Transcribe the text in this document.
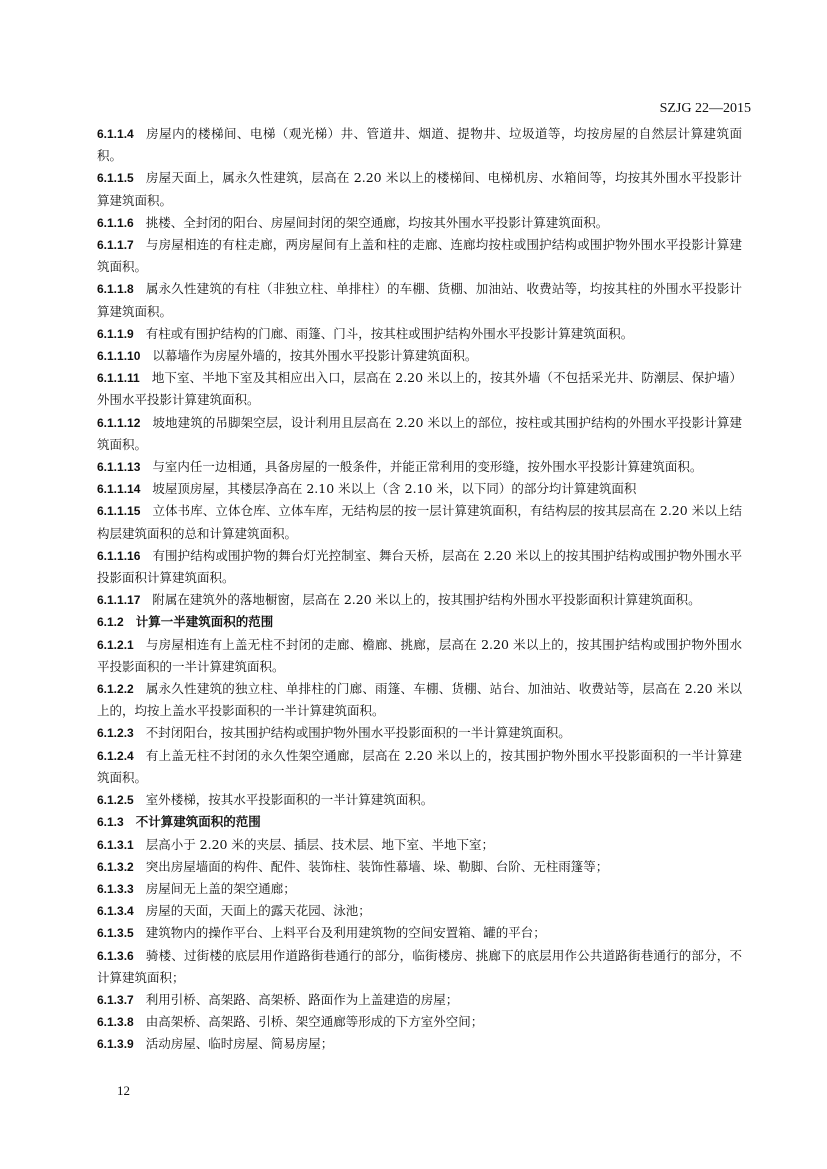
SZJG 22—2015

6.1.1.4 房屋内的楼梯间、电梯（观光梯）井、管道井、烟道、提物井、垃圾道等，均按房屋的自然层计算建筑面积。

6.1.1.5 房屋天面上，属永久性建筑，层高在 2.20 米以上的楼梯间、电梯机房、水箱间等，均按其外围水平投影计算建筑面积。

6.1.1.6 挑楼、全封闭的阳台、房屋间封闭的架空通廊，均按其外围水平投影计算建筑面积。

6.1.1.7 与房屋相连的有柱走廊，两房屋间有上盖和柱的走廊、连廊均按柱或围护结构或围护物外围水平投影计算建筑面积。

6.1.1.8 属永久性建筑的有柱（非独立柱、单排柱）的车棚、货棚、加油站、收费站等，均按其柱的外围水平投影计算建筑面积。

6.1.1.9 有柱或有围护结构的门廊、雨篷、门斗，按其柱或围护结构外围水平投影计算建筑面积。

6.1.1.10 以幕墙作为房屋外墙的，按其外围水平投影计算建筑面积。

6.1.1.11 地下室、半地下室及其相应出入口，层高在 2.20 米以上的，按其外墙（不包括采光井、防潮层、保护墙）外围水平投影计算建筑面积。

6.1.1.12 坡地建筑的吊脚架空层，设计利用且层高在 2.20 米以上的部位，按柱或其围护结构的外围水平投影计算建筑面积。

6.1.1.13 与室内任一边相通，具备房屋的一般条件，并能正常利用的变形缝，按外围水平投影计算建筑面积。

6.1.1.14 坡屋顶房屋，其楼层净高在 2.10 米以上（含 2.10 米，以下同）的部分均计算建筑面积

6.1.1.15 立体书库、立体仓库、立体车库，无结构层的按一层计算建筑面积，有结构层的按其层高在 2.20 米以上结构层建筑面积的总和计算建筑面积。

6.1.1.16 有围护结构或围护物的舞台灯光控制室、舞台天桥，层高在 2.20 米以上的按其围护结构或围护物外围水平投影面积计算建筑面积。

6.1.1.17 附属在建筑外的落地橱窗，层高在 2.20 米以上的，按其围护结构外围水平投影面积计算建筑面积。

6.1.2 计算一半建筑面积的范围

6.1.2.1 与房屋相连有上盖无柱不封闭的走廊、檐廊、挑廊，层高在 2.20 米以上的，按其围护结构或围护物外围水平投影面积的一半计算建筑面积。

6.1.2.2 属永久性建筑的独立柱、单排柱的门廊、雨篷、车棚、货棚、站台、加油站、收费站等，层高在 2.20 米以上的，均按上盖水平投影面积的一半计算建筑面积。

6.1.2.3 不封闭阳台，按其围护结构或围护物外围水平投影面积的一半计算建筑面积。

6.1.2.4 有上盖无柱不封闭的永久性架空通廊，层高在 2.20 米以上的，按其围护物外围水平投影面积的一半计算建筑面积。

6.1.2.5 室外楼梯，按其水平投影面积的一半计算建筑面积。

6.1.3 不计算建筑面积的范围

6.1.3.1 层高小于 2.20 米的夹层、插层、技术层、地下室、半地下室；

6.1.3.2 突出房屋墙面的构件、配件、装饰柱、装饰性幕墙、垛、勒脚、台阶、无柱雨篷等；

6.1.3.3 房屋间无上盖的架空通廊；

6.1.3.4 房屋的天面，天面上的露天花园、泳池；

6.1.3.5 建筑物内的操作平台、上料平台及利用建筑物的空间安置箱、罐的平台；

6.1.3.6 骑楼、过街楼的底层用作道路街巷通行的部分，临街楼房、挑廊下的底层用作公共道路街巷通行的部分，不计算建筑面积；

6.1.3.7 利用引桥、高架路、高架桥、路面作为上盖建造的房屋；

6.1.3.8 由高架桥、高架路、引桥、架空通廊等形成的下方室外空间；

6.1.3.9 活动房屋、临时房屋、简易房屋；

12
